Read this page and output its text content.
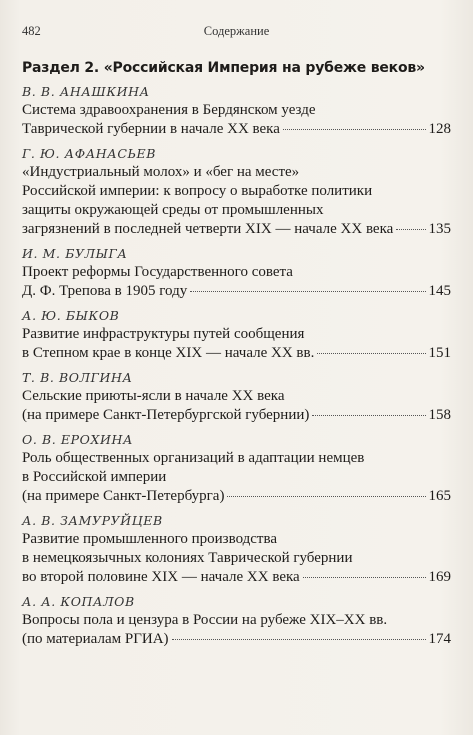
482	Содержание
Раздел 2. «Российская Империя на рубеже веков»
В. В. АНАШКИНА
Система здравоохранения в Бердянском уезде
Таврической губернии в начале XX века	128
Г. Ю. АФАНАСЬЕВ
«Индустриальный молох» и «бег на месте»
Российской империи: к вопросу о выработке политики
защиты окружающей среды от промышленных
загрязнений в последней четверти XIX — начале XX века 135
И. М. БУЛЫГА
Проект реформы Государственного совета
Д. Ф. Трепова в 1905 году	145
А. Ю. БЫКОВ
Развитие инфраструктуры путей сообщения
в Степном крае в конце XIX — начале XX вв.	151
Т. В. ВОЛГИНА
Сельские приюты-ясли в начале XX века
(на примере Санкт-Петербургской губернии)	158
О. В. ЕРОХИНА
Роль общественных организаций в адаптации немцев
в Российской империи
(на примере Санкт-Петербурга)	165
А. В. ЗАМУРУЙЦЕВ
Развитие промышленного производства
в немецкоязычных колониях Таврической губернии
во второй половине XIX — начале XX века	169
А. А. КОПАЛОВ
Вопросы пола и цензура в России на рубеже XIX–XX вв.
(по материалам РГИА)	174
